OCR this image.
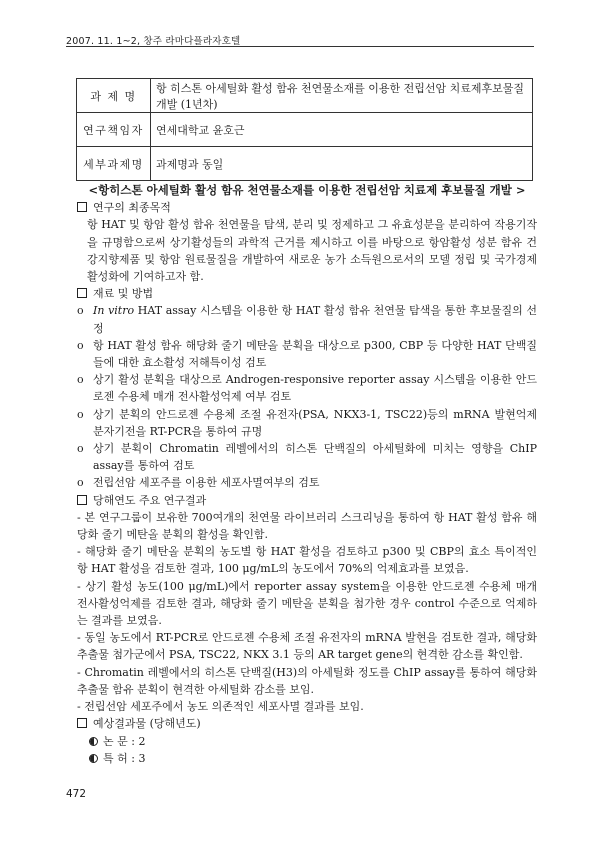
2007. 11. 1~2, 창주 라마다플라자호텔
과 제 명	항 히스톤 아세틸화 활성 함유 천연물소재를 이용한 전립선암 치료제후보물질 개발 (1년차)
연구책임자	연세대학교 윤호근
세부과제명	과제명과 동일

<항히스톤 아세틸화 활성 함유 천연물소재를 이용한 전립선암 치료제 후보물질 개발 >

연구의 최종목적

항 HAT 및 항암 활성 함유 천연물을 탐색, 분리 및 정제하고 그 유효성분을 분리하여 작용기작을 규명함으로써 상기활성들의 과학적 근거를 제시하고 이를 바탕으로 항암활성 성분 함유 건강지향제품 및 항암 원료물질을 개발하여 새로운 농가 소득원으로서의 모델 정립 및 국가경제 활성화에 기여하고자 함.

재료 및 방법

o In vitro HAT assay 시스템을 이용한 항 HAT 활성 함유 천연물 탐색을 통한 후보물질의 선정
o 항 HAT 활성 함유 해당화 줄기 메탄올 분획을 대상으로 p300, CBP 등 다양한 HAT 단백질들에 대한 효소활성 저해특이성 검토
o 상기 활성 분획을 대상으로 Androgen-responsive reporter assay 시스템을 이용한 안드로젠 수용체 매개 전사활성억제 여부 검토
o 상기 분획의 안드로젠 수용체 조절 유전자(PSA, NKX3-1, TSC22)등의 mRNA 발현억제 분자기전을 RT-PCR을 통하여 규명
o 상기 분획이 Chromatin 레벨에서의 히스톤 단백질의 아세틸화에 미치는 영향을 ChIP assay를 통하여 검토
o 전립선암 세포주를 이용한 세포사멸여부의 검토

당해연도 주요 연구결과

- 본 연구그룹이 보유한 700여개의 천연물 라이브러리 스크리닝을 통하여 항 HAT 활성 함유 해당화 줄기 메탄올 분획의 활성을 확인함.

- 해당화 줄기 메탄올 분획의 농도별 항 HAT 활성을 검토하고 p300 및 CBP의 효소 특이적인 항 HAT 활성을 검토한 결과, 100 μg/mL의 농도에서 70%의 억제효과를 보였음.

- 상기 활성 농도(100 μg/mL)에서 reporter assay system을 이용한 안드로젠 수용체 매개 전사활성억제를 검토한 결과, 해당화 줄기 메탄올 분획을 첨가한 경우 control 수준으로 억제하는 결과를 보였음.

- 동일 농도에서 RT-PCR로 안드로젠 수용체 조절 유전자의 mRNA 발현을 검토한 결과, 해당화 추출물 첨가군에서 PSA, TSC22, NKX 3.1 등의 AR target gene의 현격한 감소를 확인함.

- Chromatin 레벨에서의 히스톤 단백질(H3)의 아세틸화 정도를 ChIP assay를 통하여 해당화 추출물 함유 분획이 현격한 아세틸화 감소를 보임.

- 전립선암 세포주에서 농도 의존적인 세포사멸 결과를 보임.

예상결과물 (당해년도)

논 문 : 2

특 허 : 3

472
